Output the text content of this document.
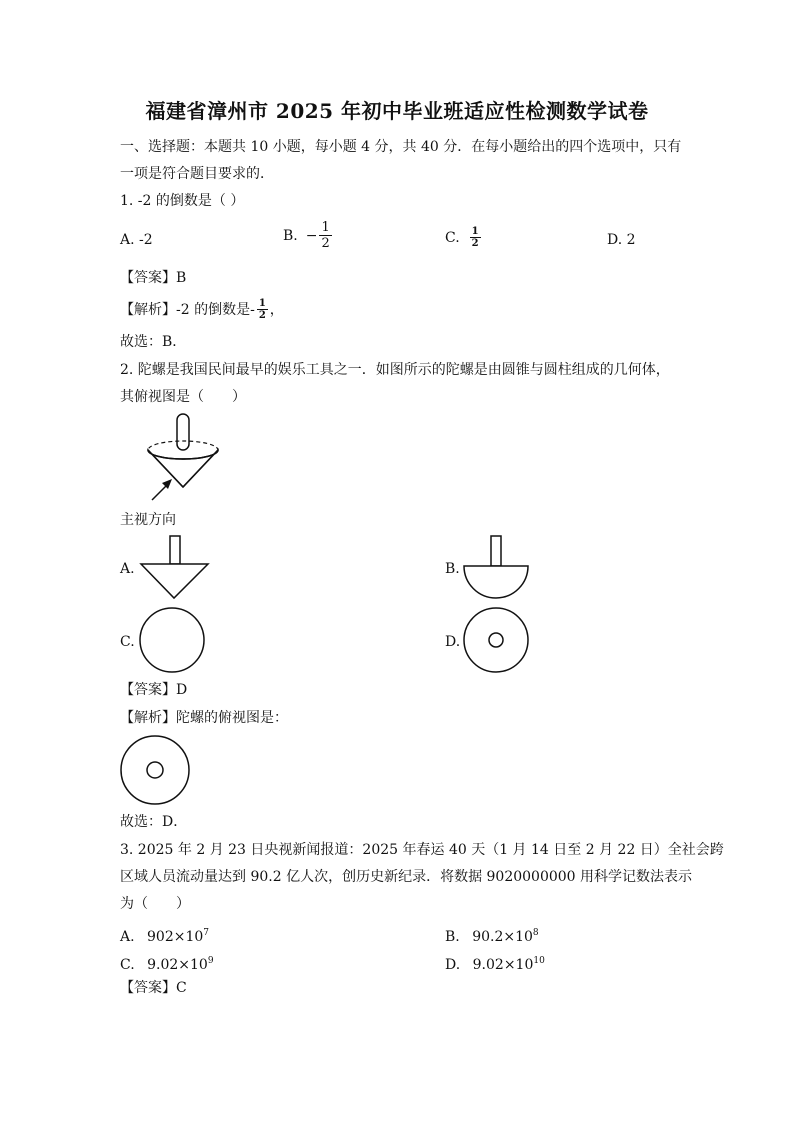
福建省漳州市 2025 年初中毕业班适应性检测数学试卷
一、选择题：本题共 10 小题，每小题 4 分，共 40 分．在每小题给出的四个选项中，只有
一项是符合题目要求的．
1. -2 的倒数是（ ）
A. -2	B. − $\frac{1}{2}$	C. $\frac{1}{2}$	D. 2
【答案】B
【解析】-2 的倒数是- $\frac{1}{2}$ ，
故选：B．
2. 陀螺是我国民间最早的娱乐工具之一．如图所示的陀螺是由圆锥与圆柱组成的几何体，
其俯视图是（　　）
主视方向
A.	B.
C.	D.
【答案】D
【解析】陀螺的俯视图是：
故选：D．
3. 2025 年 2 月 23 日央视新闻报道：2025 年春运 40 天（1 月 14 日至 2 月 22 日）全社会跨
区域人员流动量达到 90.2 亿人次，创历史新纪录．将数据 9020000000 用科学记数法表示
为（　　）
A. $902\times 10^7$	B. $90.2\times 10^8$
C. $9.02\times 10^9$	D. $9.02\times 10^{10}$
【答案】C
